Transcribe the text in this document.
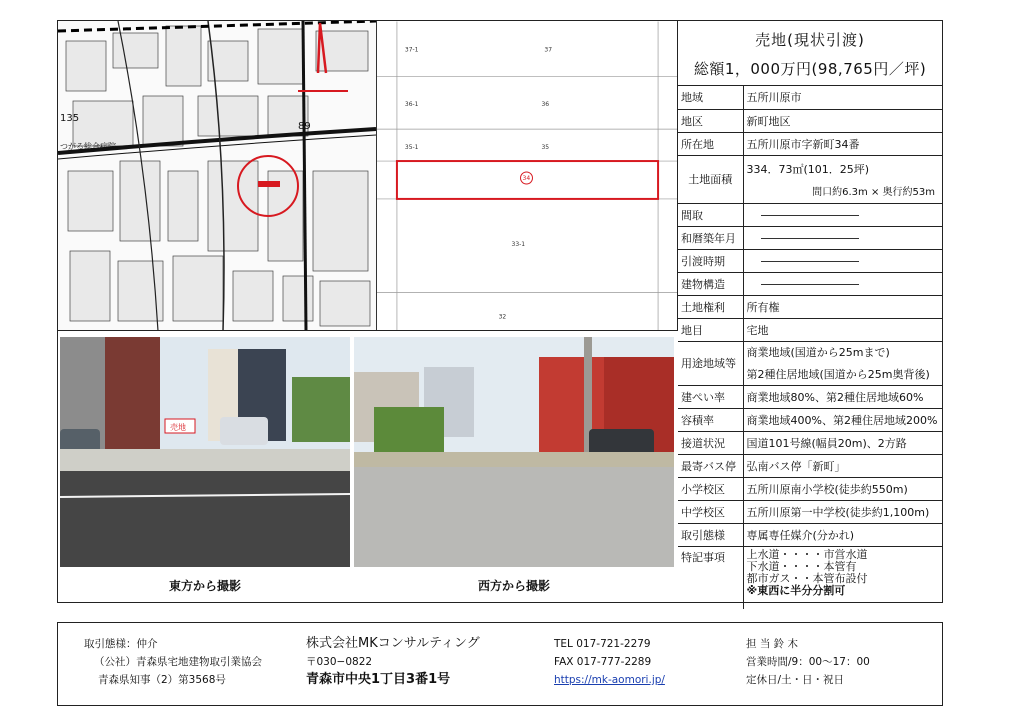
135
つがる総合病院
89
37
36
35
34
33-1
32
37-1
36-1
35-1
売地
東方から撮影	西方から撮影
売地(現状引渡)
総額1，000万円(98,765円／坪)
地域	五所川原市
地区	新町地区
所在地	五所川原市字新町34番
土地面積	334．73㎡(101．25坪)
間口約6.3m × 奥行約53m

間取	
和暦築年月	
引渡時期	
建物構造	
土地権利	所有権
地目	宅地
用途地域等	商業地域(国道から25mまで)
第2種住居地域(国道から25m奥背後)

建ぺい率	商業地域80%、第2種住居地域60%
容積率	商業地域400%、第2種住居地域200%
接道状況	国道101号線(幅員20m)、2方路
最寄バス停	弘南バス停「新町」
小学校区	五所川原南小学校(徒歩約550m)
中学校区	五所川原第一中学校(徒歩約1,100m)
取引態様	専属専任媒介(分かれ)
特記事項	上水道・・・・市営水道
下水道・・・・本管有
都市ガス・・本管布設付
※東西に半分分割可
取引態様：仲介
（公社）青森県宅地建物取引業協会
青森県知事（2）第3568号
株式会社MKコンサルティング
〒030−0822
青森市中央1丁目3番1号
TEL 017-721-2279
FAX 017-777-2289
https://mk-aomori.jp/
担 当 鈴 木
営業時間/9：00～17：00
定休日/土・日・祝日
